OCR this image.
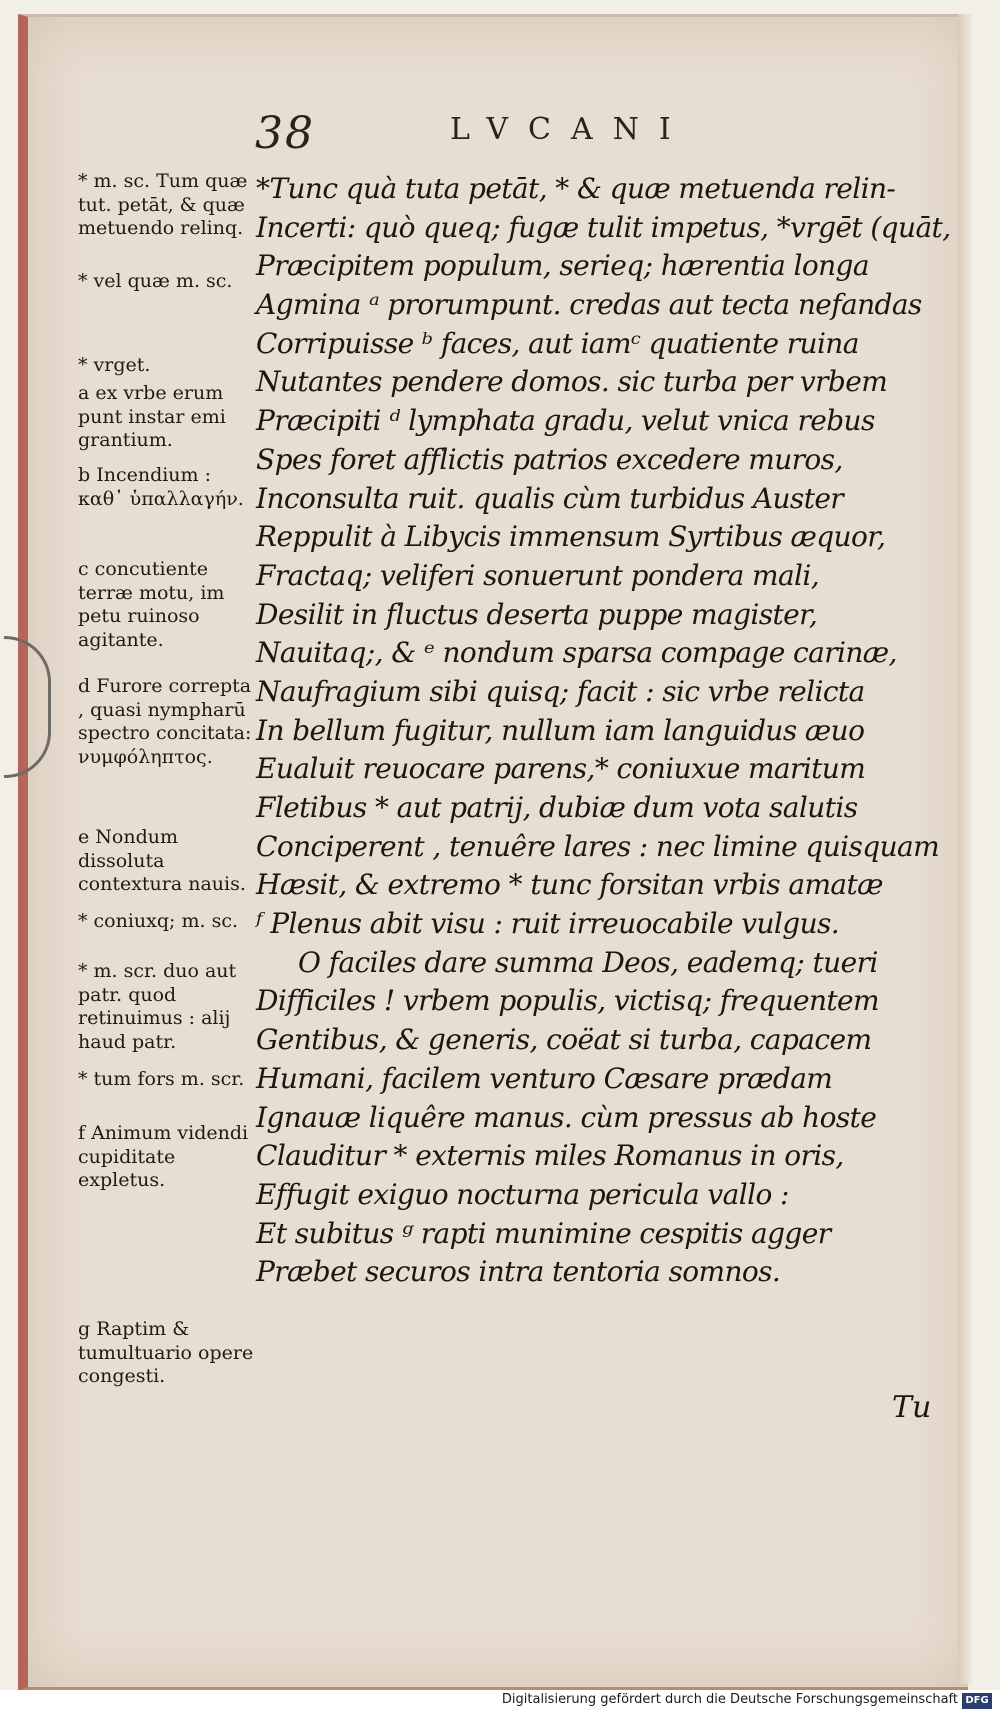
38	LVCANI
* m. sc. Tum quæ tut. petāt, & quæ metuendo relinq.
* vel quæ m. sc.
* vrget.
a ex vrbe erum punt instar emi grantium.
b Incendium : καθ᾽ ὑπαλλαγήν.
c concutiente terræ motu, im petu ruinoso agitante.
d Furore correpta , quasi nympharū spectro concitata: νυμφόληπτος.
e Nondum dissoluta contextura nauis.
* coniuxq; m. sc.
* m. scr. duo aut patr. quod retinuimus : alij haud patr.
* tum fors m. scr.
f Animum videndi cupiditate expletus.
g Raptim & tumultuario opere congesti.
*Tunc quà tuta petāt, * & quæ metuenda relin-
Incerti: quò queq; fugæ tulit impetus, *vrgēt (quāt,
Præcipitem populum, serieq; hærentia longa
Agmina ᵃ prorumpunt. credas aut tecta nefandas
Corripuisse ᵇ faces, aut iamᶜ quatiente ruina
Nutantes pendere domos. sic turba per vrbem
Præcipiti ᵈ lymphata gradu, velut vnica rebus
Spes foret afflictis patrios excedere muros,
Inconsulta ruit. qualis cùm turbidus Auster
Reppulit à Libycis immensum Syrtibus æquor,
Fractaq; veliferi sonuerunt pondera mali,
Desilit in fluctus deserta puppe magister,
Nauitaq;, & ᵉ nondum sparsa compage carinæ,
Naufragium sibi quisq; facit : sic vrbe relicta
In bellum fugitur, nullum iam languidus æuo
Eualuit reuocare parens,* coniuxue maritum
Fletibus * aut patrij, dubiæ dum vota salutis
Conciperent , tenuêre lares : nec limine quisquam
Hæsit, & extremo * tunc forsitan vrbis amatæ
ᶠ Plenus abit visu : ruit irreuocabile vulgus.
O faciles dare summa Deos, eademq; tueri
Difficiles ! vrbem populis, victisq; frequentem
Gentibus, & generis, coëat si turba, capacem
Humani, facilem venturo Cæsare prædam
Ignauæ liquêre manus. cùm pressus ab hoste
Clauditur * externis miles Romanus in oris,
Effugit exiguo nocturna pericula vallo :
Et subitus ᵍ rapti munimine cespitis agger
Præbet securos intra tentoria somnos.
Tu
Digitalisierung gefördert durch die Deutsche Forschungsgemeinschaft DFG
